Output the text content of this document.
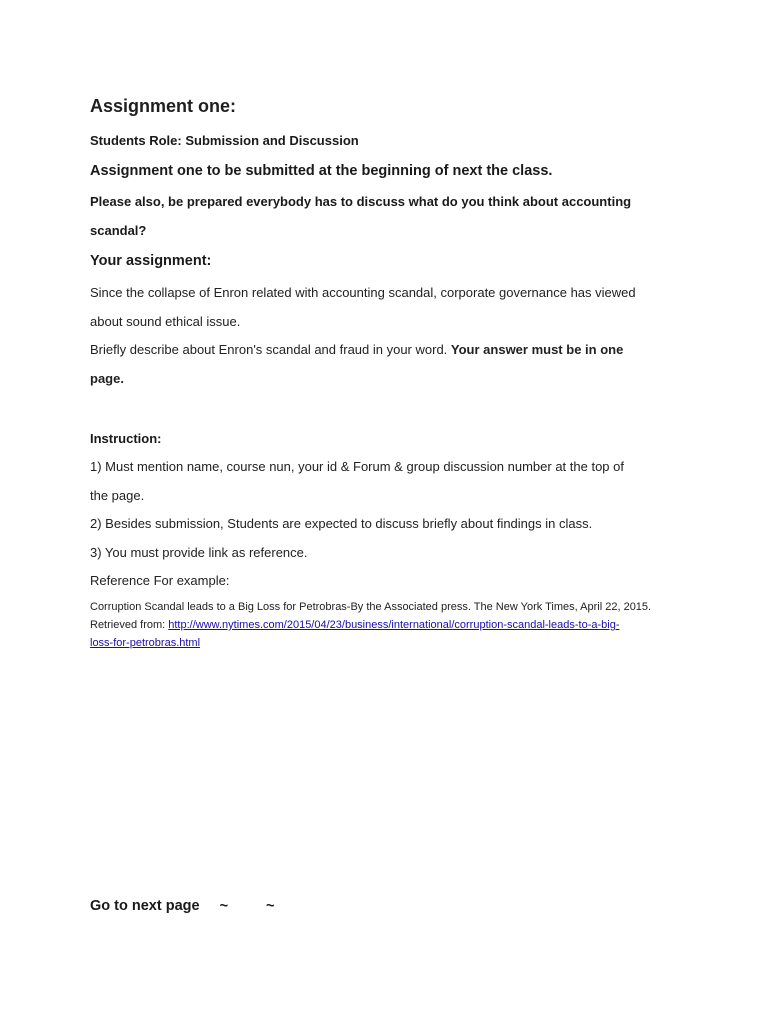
Assignment one:

Students Role: Submission and Discussion

Assignment one to be submitted at the beginning of next the class.

Please also, be prepared everybody has to discuss what do you think about accounting

scandal?

Your assignment:

Since the collapse of Enron related with accounting scandal, corporate governance has viewed

about sound ethical issue.

Briefly describe about Enron's scandal and fraud in your word. Your answer must be in one

page.

Instruction:

1) Must mention name, course nun, your id & Forum & group discussion number at the top of

the page.

2) Besides submission, Students are expected to discuss briefly about findings in class.

3) You must provide link as reference.

Reference For example:

Corruption Scandal leads to a Big Loss for Petrobras-By the Associated press. The New York Times, April 22, 2015.

Retrieved from: http://www.nytimes.com/2015/04/23/business/international/corruption-scandal-leads-to-a-big-

loss-for-petrobras.html

Go to next page ~	~
